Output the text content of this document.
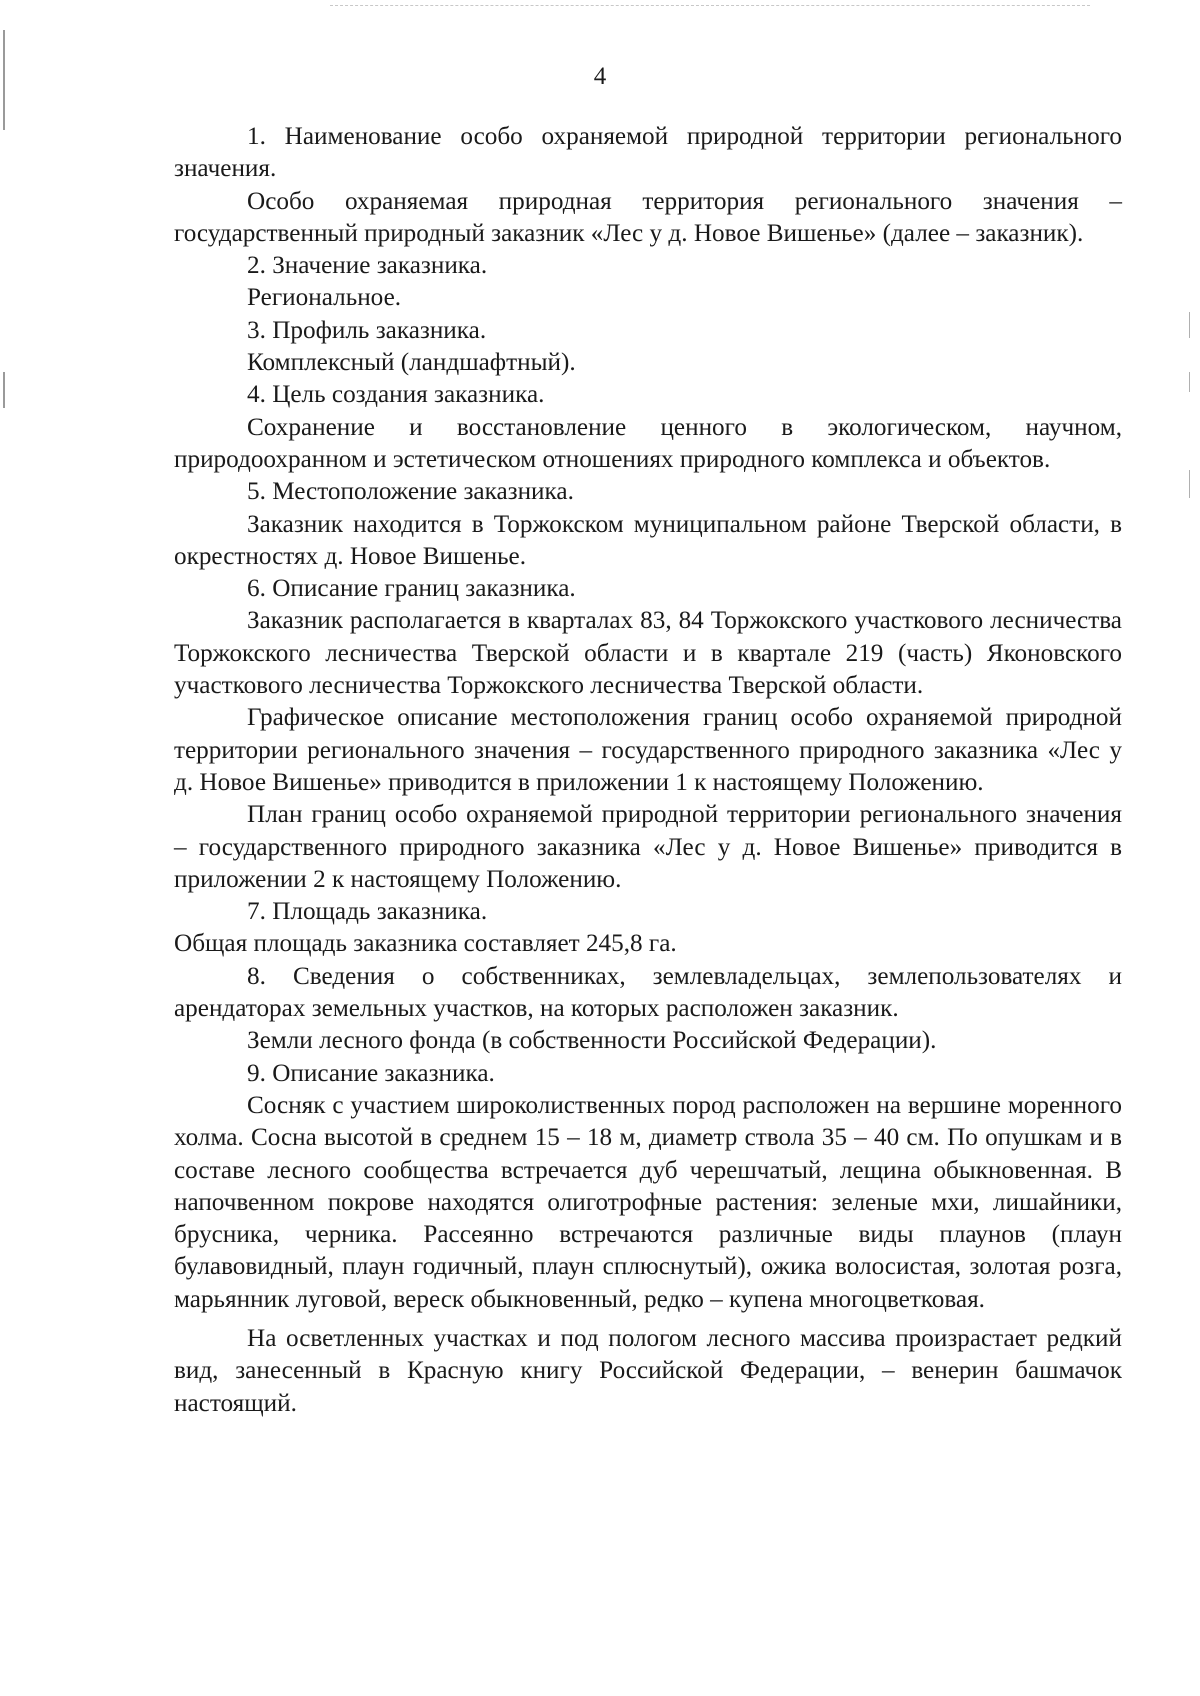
4

1. Наименование особо охраняемой природной территории регионального значения.

Особо охраняемая природная территория регионального значения – государственный природный заказник «Лес у д. Новое Вишенье» (далее – заказник).

2. Значение заказника.

Региональное.

3. Профиль заказника.

Комплексный (ландшафтный).

4. Цель создания заказника.

Сохранение и восстановление ценного в экологическом, научном, природоохранном и эстетическом отношениях природного комплекса и объектов.

5. Местоположение заказника.

Заказник находится в Торжокском муниципальном районе Тверской области, в окрестностях д. Новое Вишенье.

6. Описание границ заказника.

Заказник располагается в кварталах 83, 84 Торжокского участкового лесничества Торжокского лесничества Тверской области и в квартале 219 (часть) Яконовского участкового лесничества Торжокского лесничества Тверской области.

Графическое описание местоположения границ особо охраняемой природной территории регионального значения – государственного природного заказника «Лес у д. Новое Вишенье» приводится в приложении 1 к настоящему Положению.

План границ особо охраняемой природной территории регионального значения – государственного природного заказника «Лес у д. Новое Вишенье» приводится в приложении 2 к настоящему Положению.

7. Площадь заказника.

Общая площадь заказника составляет 245,8 га.

8. Сведения о собственниках, землевладельцах, землепользователях и арендаторах земельных участков, на которых расположен заказник.

Земли лесного фонда (в собственности Российской Федерации).

9. Описание заказника.

Сосняк с участием широколиственных пород расположен на вершине моренного холма. Сосна высотой в среднем 15 – 18 м, диаметр ствола 35 – 40 см. По опушкам и в составе лесного сообщества встречается дуб черешчатый, лещина обыкновенная. В напочвенном покрове находятся олиготрофные растения: зеленые мхи, лишайники, брусника, черника. Рассеянно встречаются различные виды плаунов (плаун булавовидный, плаун годичный, плаун сплюснутый), ожика волосистая, золотая розга, марьянник луговой, вереск обыкновенный, редко – купена многоцветковая.

На осветленных участках и под пологом лесного массива произрастает редкий вид, занесенный в Красную книгу Российской Федерации, – венерин башмачок настоящий.
